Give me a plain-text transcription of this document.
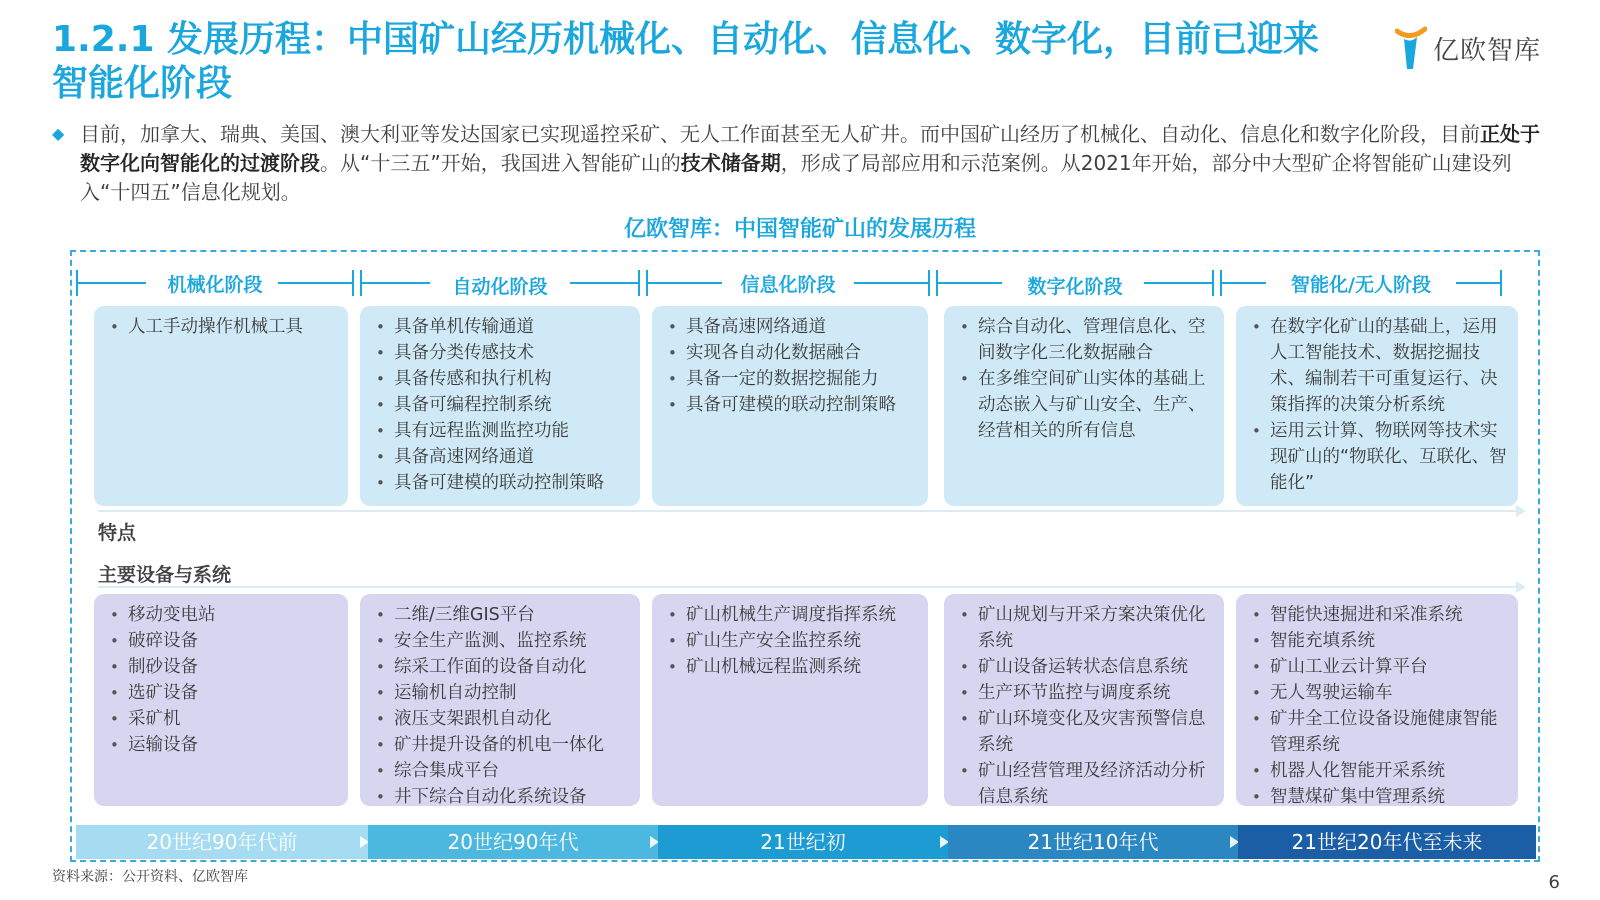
1.2.1 发展历程：中国矿山经历机械化、自动化、信息化、数字化，目前已迎来智能化阶段
亿欧智库
◆ 目前，加拿大、瑞典、美国、澳大利亚等发达国家已实现遥控采矿、无人工作面甚至无人矿井。而中国矿山经历了机械化、自动化、信息化和数字化阶段，目前正处于数字化向智能化的过渡阶段。从“十三五”开始，我国进入智能矿山的技术储备期，形成了局部应用和示范案例。从2021年开始，部分中大型矿企将智能矿山建设列入“十四五”信息化规划。
亿欧智库：中国智能矿山的发展历程
机械化阶段	自动化阶段	信息化阶段	数字化阶段	智能化/无人阶段
• 人工手动操作机械工具
•	具备单机传输通道
• 具备分类传感技术
• 具备传感和执行机构
• 具备可编程控制系统
• 具有远程监测监控功能
• 具备高速网络通道
• 具备可建模的联动控制策略
• 具备高速网络通道
• 实现各自动化数据融合
• 具备一定的数据挖掘能力
• 具备可建模的联动控制策略
• 综合自动化、管理信息化、空间数字化三化数据融合
• 在多维空间矿山实体的基础上动态嵌入与矿山安全、生产、经营相关的所有信息
• 在数字化矿山的基础上，运用人工智能技术、数据挖掘技术、编制若干可重复运行、决策指挥的决策分析系统
• 运用云计算、物联网等技术实现矿山的“物联化、互联化、智能化”
特点
主要设备与系统
• 移动变电站
• 破碎设备
• 制砂设备
• 选矿设备
• 采矿机
• 运输设备
• 二维/三维GIS平台
• 安全生产监测、监控系统
• 综采工作面的设备自动化
• 运输机自动控制
• 液压支架跟机自动化
• 矿井提升设备的机电一体化
• 综合集成平台
• 井下综合自动化系统设备
• 矿山机械生产调度指挥系统
• 矿山生产安全监控系统
• 矿山机械远程监测系统
• 矿山规划与开采方案决策优化系统
• 矿山设备运转状态信息系统
• 生产环节监控与调度系统
• 矿山环境变化及灾害预警信息系统
• 矿山经营管理及经济活动分析信息系统
• 智能快速掘进和采准系统
• 智能充填系统
• 矿山工业云计算平台
• 无人驾驶运输车
• 矿井全工位设备设施健康智能管理系统
• 机器人化智能开采系统
• 智慧煤矿集中管理系统
20世纪90年代前	20世纪90年代	21世纪初	21世纪10年代	21世纪20年代至未来
资料来源：公开资料、亿欧智库	6
